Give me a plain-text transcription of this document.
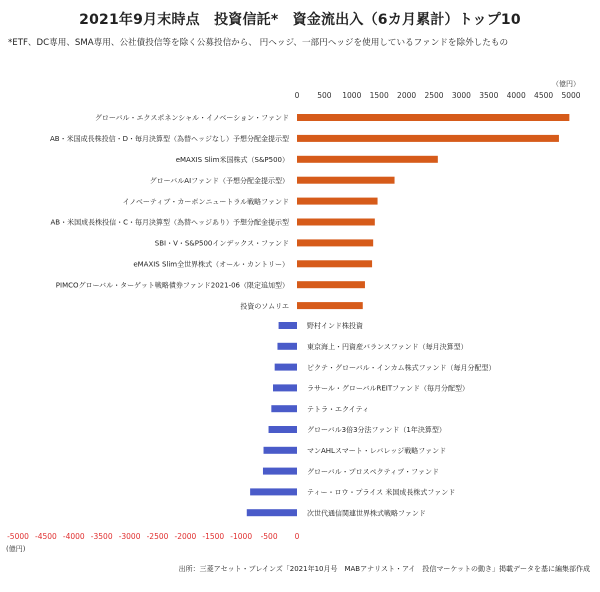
2021年9月末時点　投資信託*　資金流出入（6カ月累計）トップ10
*ETF、DC専用、SMA専用、公社債投信等を除く公募投信から、 円ヘッジ、一部円ヘッジを使用しているファンドを除外したもの
（億円）
0 500 1000 1500 2000 2500 3000 3500 4000 4500 5000
-5000 -4500 -4000 -3500 -3000 -2500 -2000 -1500 -1000 -500 0
(億円)
グローバル・エクスポネンシャル・イノベーション・ファンド
AB・米国成長株投信・D・毎月決算型（為替ヘッジなし）予想分配金提示型
eMAXIS Slim米国株式（S&P500）
グローバルAIファンド（予想分配金提示型）
イノベーティブ・カーボンニュートラル戦略ファンド
AB・米国成長株投信・C・毎月決算型（為替ヘッジあり）予想分配金提示型
SBI・V・S&P500インデックス・ファンド
eMAXIS Slim全世界株式（オール・カントリー）
PIMCOグローバル・ターゲット戦略債券ファンド2021-06（限定追加型）
投資のソムリエ
野村インド株投資
東京海上・円資産バランスファンド（毎月決算型）
ピクテ・グローバル・インカム株式ファンド（毎月分配型）
ラサール・グローバルREITファンド（毎月分配型）
テトラ・エクイティ
グローバル3倍3分法ファンド（1年決算型）
マンAHLスマート・レバレッジ戦略ファンド
グローバル・プロスペクティブ・ファンド
ティー・ロウ・プライス 米国成長株式ファンド
次世代通信関連世界株式戦略ファンド
出所：三菱アセット・ブレインズ「2021年10月号　MABアナリスト・アイ　投信マーケットの動き」掲載データを基に編集部作成
